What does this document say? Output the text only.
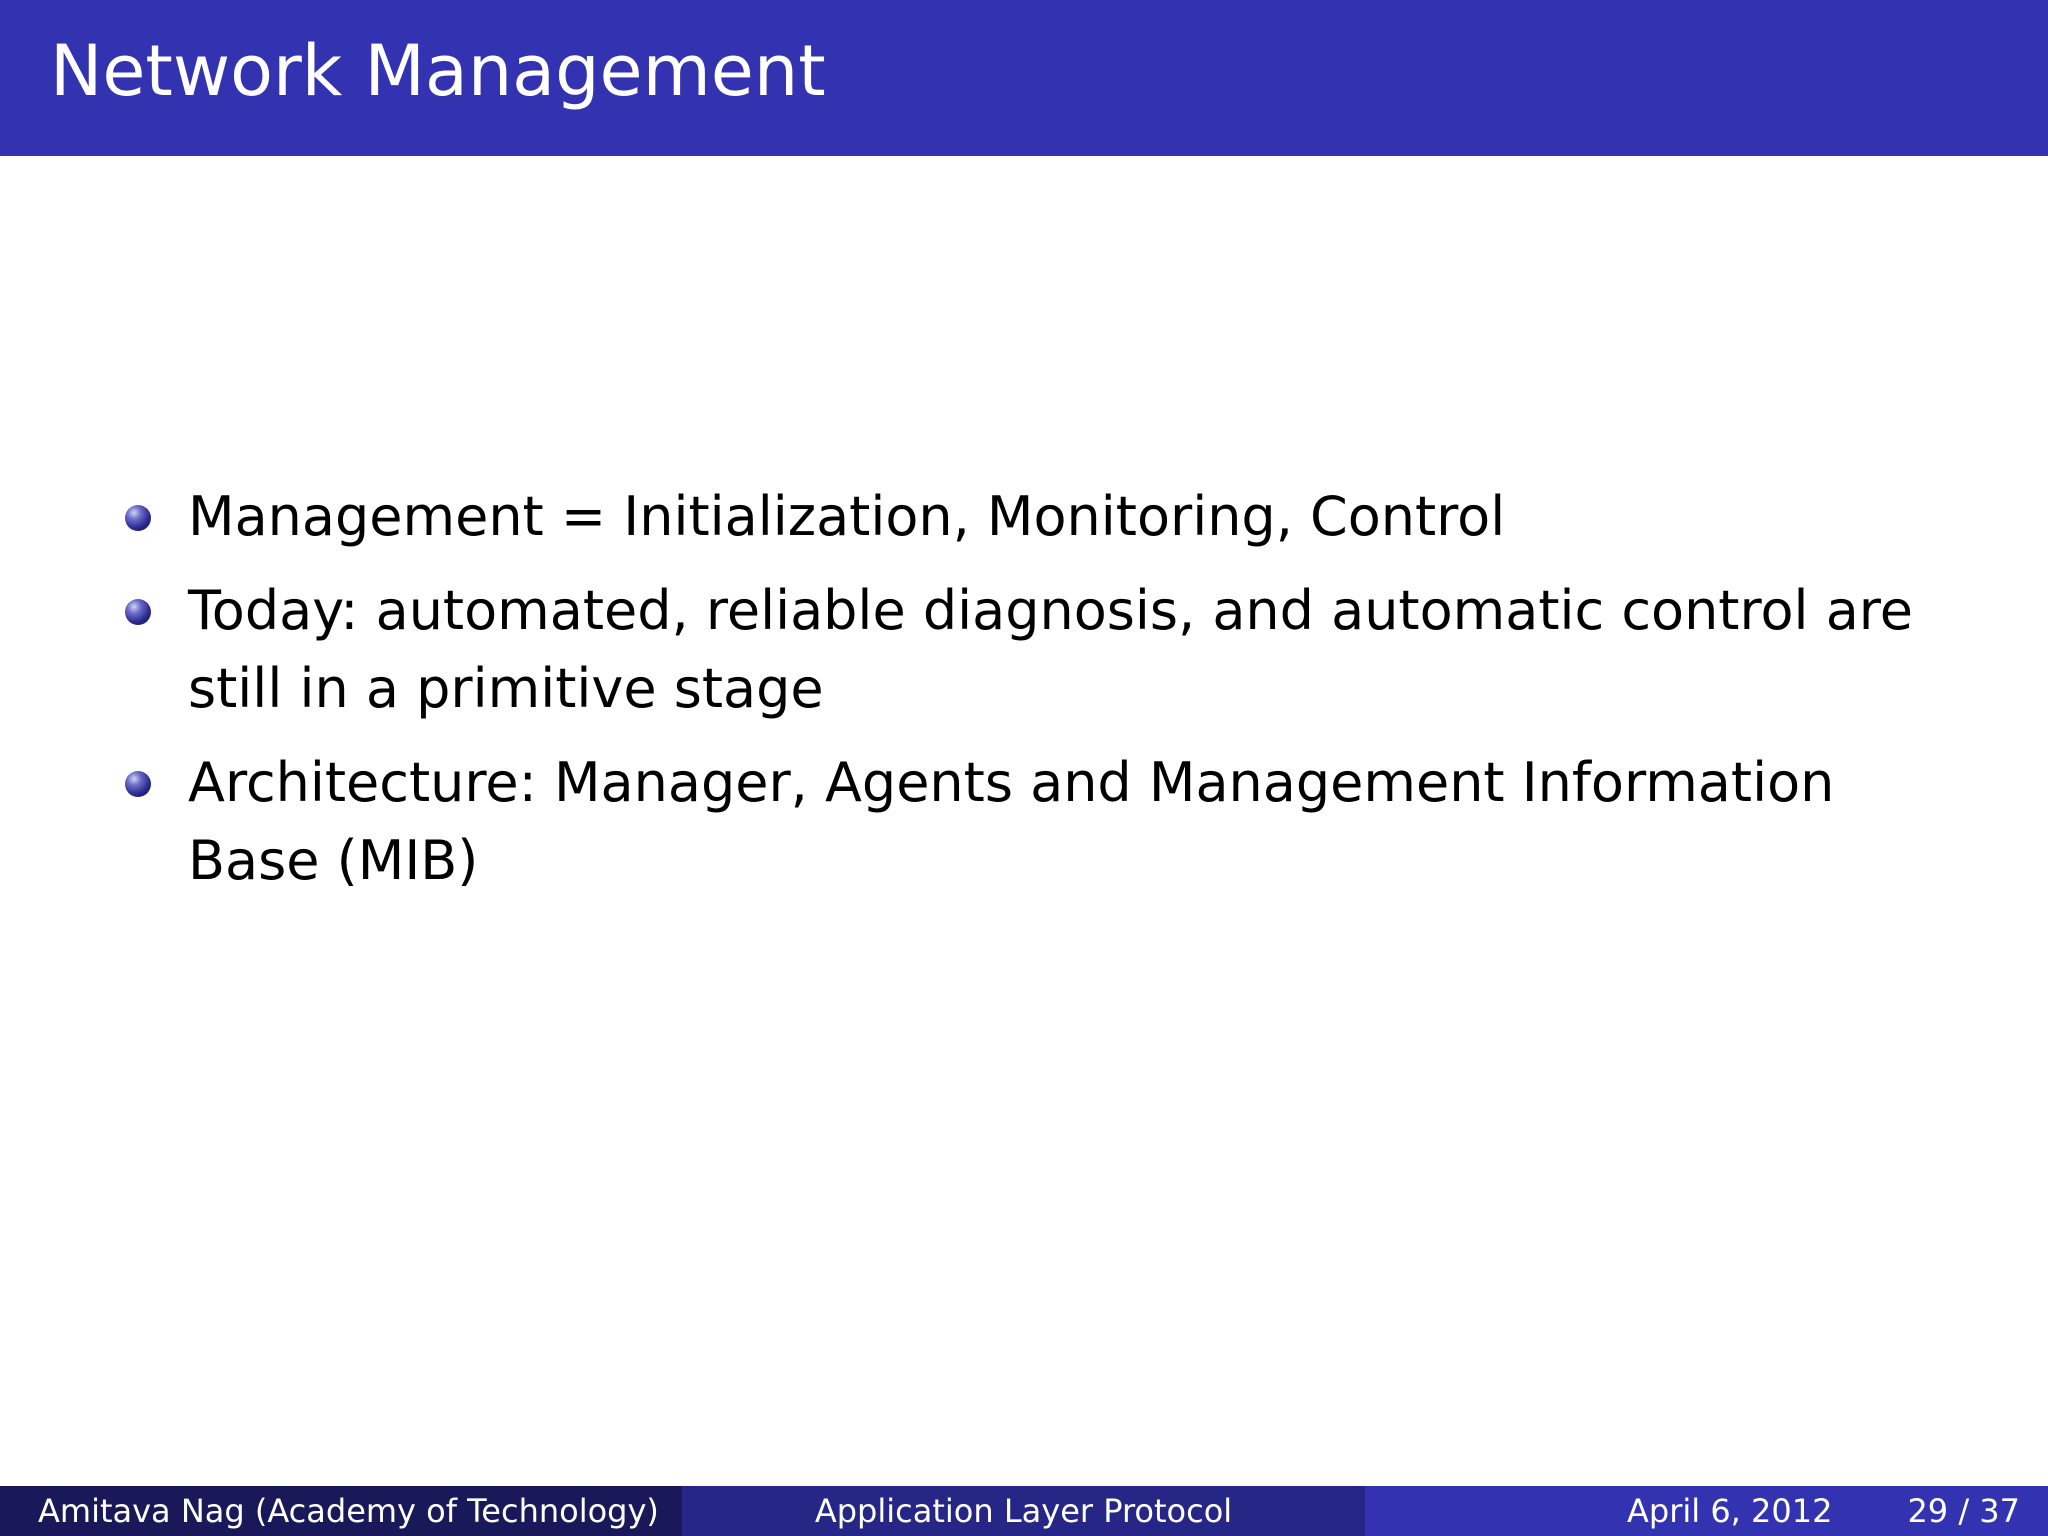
Network Management
Management = Initialization, Monitoring, Control
Today: automated, reliable diagnosis, and automatic control are still in a primitive stage
Architecture: Manager, Agents and Management Information Base (MIB)
Amitava Nag (Academy of Technology)	Application Layer Protocol	April 6, 2012 29 / 37
